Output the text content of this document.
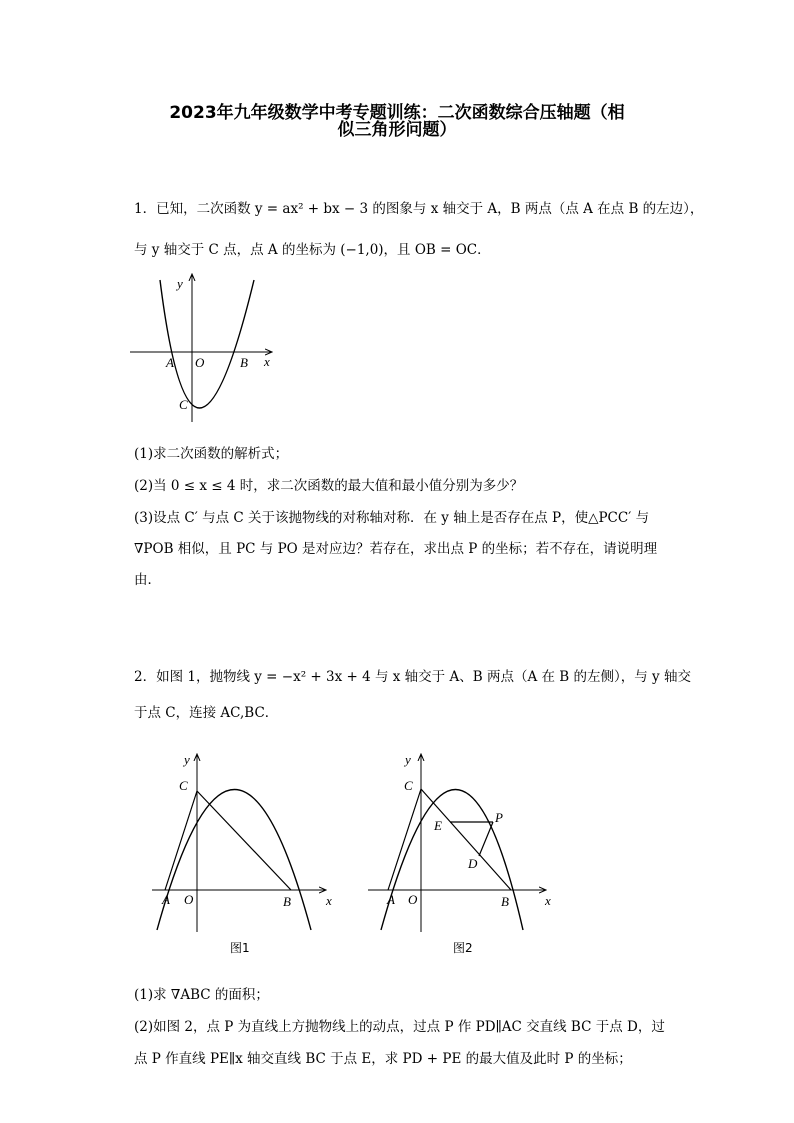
2023年九年级数学中考专题训练：二次函数综合压轴题（相
似三角形问题）
1．已知，二次函数 y = ax² + bx − 3 的图象与 x 轴交于 A，B 两点（点 A 在点 B 的左边），
与 y 轴交于 C 点，点 A 的坐标为 (−1,0)，且 OB = OC．
y
x
A O	B
C
(1)求二次函数的解析式；
(2)当 0 ≤ x ≤ 4 时，求二次函数的最大值和最小值分别为多少？
(3)设点 C′ 与点 C 关于该抛物线的对称轴对称．在 y 轴上是否存在点 P，使△PCC′ 与
∇POB 相似，且 PC 与 PO 是对应边？若存在，求出点 P 的坐标；若不存在，请说明理
由．
2．如图 1，抛物线 y = −x² + 3x + 4 与 x 轴交于 A、B 两点（A 在 B 的左侧），与 y 轴交
于点 C，连接 AC,BC．
y
x
C
A O	B
图1
y
x
C
E
P
D
A O	B
图2
(1)求 ∇ABC 的面积；
(2)如图 2，点 P 为直线上方抛物线上的动点，过点 P 作 PD∥AC 交直线 BC 于点 D，过
点 P 作直线 PE∥x 轴交直线 BC 于点 E，求 PD + PE 的最大值及此时 P 的坐标；
